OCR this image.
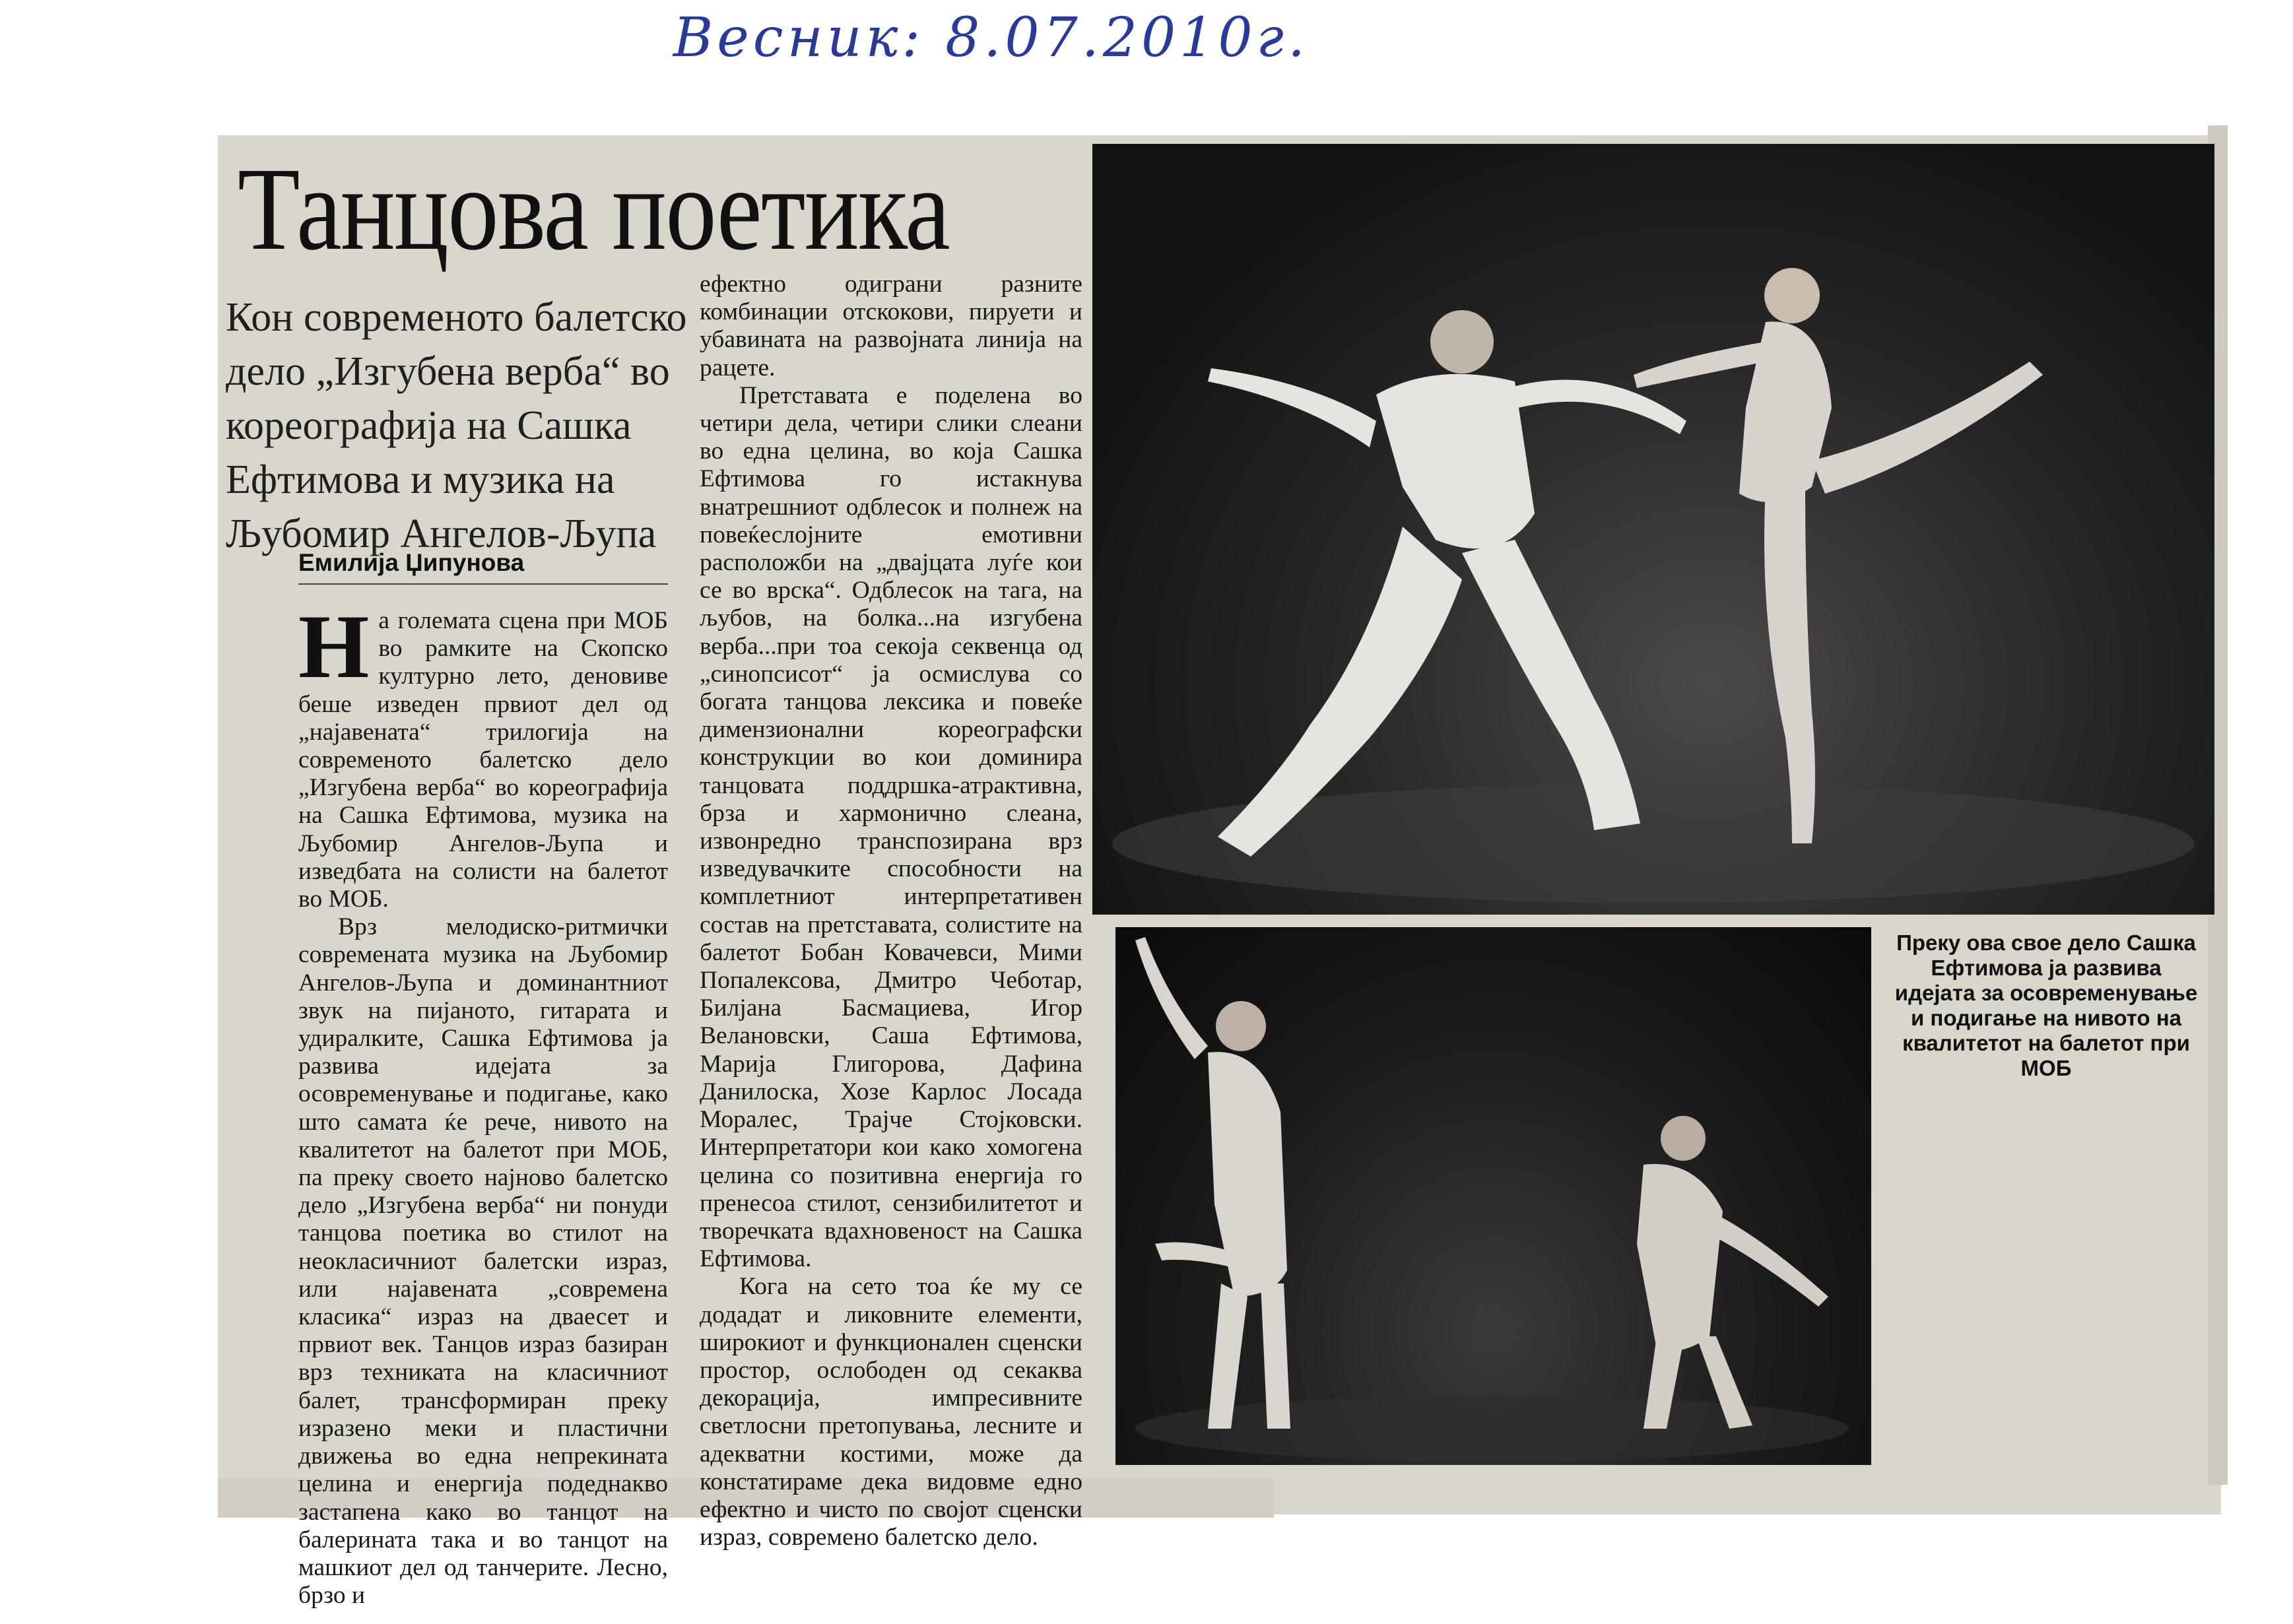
Весник: 8.07.2010г.
Танцова поетика
Кон современото балетско дело „Изгубена верба“ во кореографија на Сашка Ефтимова и музика на Љубомир Ангелов-Љупа
Емилија Џипунова

На големата сцена при МОБ во рамките на Скопско културно лето, деновиве беше изведен првиот дел од „најавената“ трилогија на современото балетско дело „Изгубена верба“ во кореографија на Сашка Ефтимова, музика на Љубомир Ангелов-Љупа и изведбата на солисти на балетот во МОБ.

Врз мелодиско-ритмички современата музика на Љубомир Ангелов-Љупа и доминантниот звук на пијаното, гитарата и удиралките, Сашка Ефтимова ја развива идејата за осовременување и подигање, како што самата ќе рече, нивото на квалитетот на балетот при МОБ, па преку своето најново балетско дело „Изгубена верба“ ни понуди танцова поетика во стилот на неокласичниот балетски израз, или најавената „современа класика“ израз на дваесет и првиот век. Танцов израз базиран врз техниката на класичниот балет, трансформиран преку изразено меки и пластични движења во една непрекината целина и енергија подеднакво застапена како во танцот на балерината така и во танцот на машкиот дел од танчерите. Лесно, брзо и

ефектно одиграни разните комбинации отскокови, пируети и убавината на развојната линија на рацете.

Претставата е поделена во четири дела, четири слики слеани во една целина, во која Сашка Ефтимова го истакнува внатрешниот одблесок и полнеж на повеќеслојните емотивни расположби на „двајцата луѓе кои се во врска“. Одблесок на тага, на љубов, на болка...на изгубена верба...при тоа секоја секвенца од „синопсисот“ ја осмислува со богата танцова лексика и повеќе димензионални кореографски конструкции во кои доминира танцовата поддршка-атрактивна, брза и хармонично слеана, извонредно транспозирана врз изведувачките способности на комплетниот интерпретативен состав на претставата, солистите на балетот Бобан Ковачевси, Мими Попалексова, Дмитро Чеботар, Билјана Басмациева, Игор Велановски, Саша Ефтимова, Марија Глигорова, Дафина Данилоска, Хозе Карлос Лосада Моралес, Трајче Стојковски. Интерпретатори кои како хомогена целина со позитивна енергија го пренесоа стилот, сензибилитетот и творечката вдахновеност на Сашка Ефтимова.

Кога на сето тоа ќе му се додадат и ликовните елементи, широкиот и функционален сценски простор, ослободен од секаква декорација, импресивните светлосни претопувања, лесните и адекватни костими, може да констатираме дека видовме едно ефектно и чисто по својот сценски израз, современо балетско дело.

Преку ова свое дело Сашка Ефтимова ја развива идејата за осовременување и подигање на нивото на квалитетот на балетот при МОБ
